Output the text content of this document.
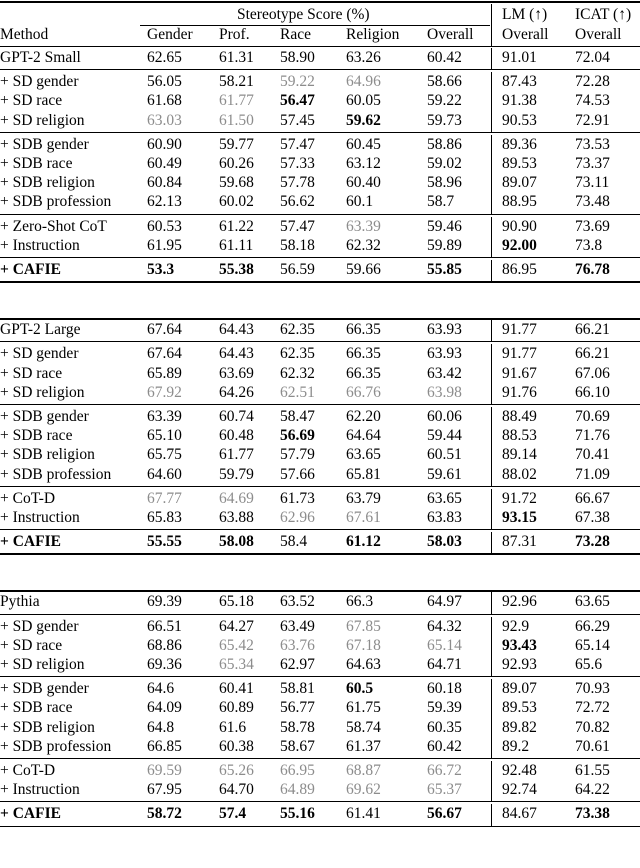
Stereotype Score (%)	LM (↑) ICAT (↑)
Method	Gender Prof. Race Religion Overall Overall Overall
GPT-2 Small	62.65 61.31 58.90 63.26	60.42	91.01 72.04
+ SD gender	56.05 58.21 59.22 64.96	58.66	87.43 72.28
+ SD race	61.68 61.77 56.47 60.05	59.22	91.38 74.53
+ SD religion	63.03 61.50 57.45 59.62	59.73	90.53 72.91
+ SDB gender	60.90 59.77 57.47 60.45	58.86	89.36 73.53
+ SDB race	60.49 60.26 57.33 63.12	59.02	89.53 73.37
+ SDB religion	60.84 59.68 57.78 60.40	58.96	89.07 73.11
+ SDB profession 62.13 60.02 56.62 60.1	58.7	88.95 73.48
+ Zero-Shot CoT	60.53 61.22 57.47 63.39	59.46	90.90 73.69
+ Instruction	61.95 61.11 58.18 62.32	59.89	92.00 73.8
+ CAFIE	53.3	55.38 56.59 59.66	55.85	86.95 76.78
GPT-2 Large	67.64 64.43 62.35 66.35	63.93	91.77 66.21
+ SD gender	67.64 64.43 62.35 66.35	63.93	91.77 66.21
+ SD race	65.89 63.69 62.32 66.35	63.42	91.67 67.06
+ SD religion	67.92 64.26 62.51 66.76	63.98	91.76 66.10
+ SDB gender	63.39 60.74 58.47 62.20	60.06	88.49 70.69
+ SDB race	65.10 60.48 56.69 64.64	59.44	88.53 71.76
+ SDB religion	65.75 61.77 57.79 63.65	60.51	89.14 70.41
+ SDB profession 64.60 59.79 57.66 65.81	59.61	88.02 71.09
+ CoT-D	67.77 64.69 61.73 63.79	63.65	91.72 66.67
+ Instruction	65.83 63.88 62.96 67.61	63.83	93.15 67.38
+ CAFIE	55.55 58.08 58.4	61.12	58.03	87.31 73.28
Pythia	69.39 65.18 63.52 66.3	64.97	92.96 63.65
+ SD gender	66.51 64.27 63.49 67.85	64.32	92.9	66.29
+ SD race	68.86 65.42 63.76 67.18	65.14	93.43 65.14
+ SD religion	69.36 65.34 62.97 64.63	64.71	92.93 65.6
+ SDB gender	64.6	60.41 58.81 60.5	60.18	89.07 70.93
+ SDB race	64.09 60.89 56.77 61.75	59.39	89.53 72.72
+ SDB religion	64.8	61.6 58.78 58.74	60.35	89.82 70.82
+ SDB profession 66.85 60.38 58.67 61.37	60.42	89.2	70.61
+ CoT-D	69.59 65.26 66.95 68.87	66.72	92.48 61.55
+ Instruction	67.95 64.70 64.89 69.62	65.37	92.74 64.22
+ CAFIE	58.72 57.4 55.16 61.41	56.67	84.67 73.38
